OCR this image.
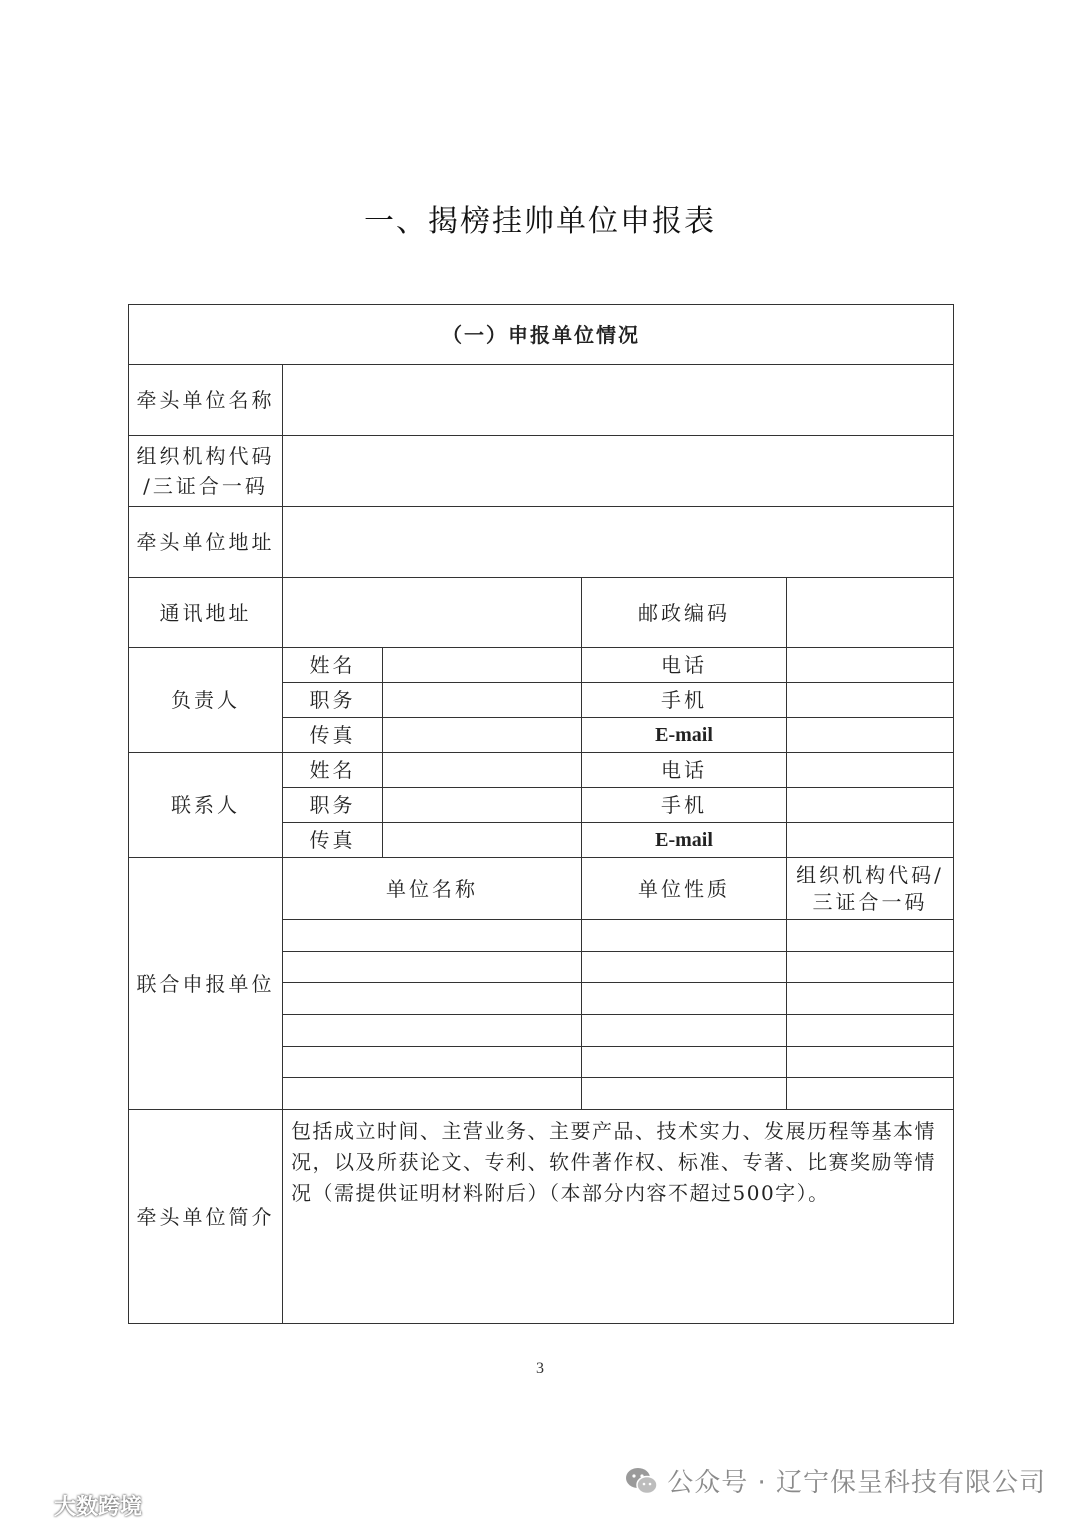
一、揭榜挂帅单位申报表
（一）申报单位情况				
牵头单位名称				

组织机构代码
/三证合一码				

牵头单位地址				
通讯地址			邮政编码	
负责人	姓名		电话	
	职务		手机	
	传真		E-mail	
联系人	姓名		电话	
	职务		手机	
	传真		E-mail	
联合申报单位	单位名称		单位性质	组织机构代码/
三证合一码

牵头单位简介	包括成立时间、主营业务、主要产品、技术实力、发展历程等基本情况，以及所获论文、专利、软件著作权、标准、专著、比赛奖励等情况（需提供证明材料附后）（本部分内容不超过500字）。			
3
公众号 · 辽宁保呈科技有限公司
大数跨境
